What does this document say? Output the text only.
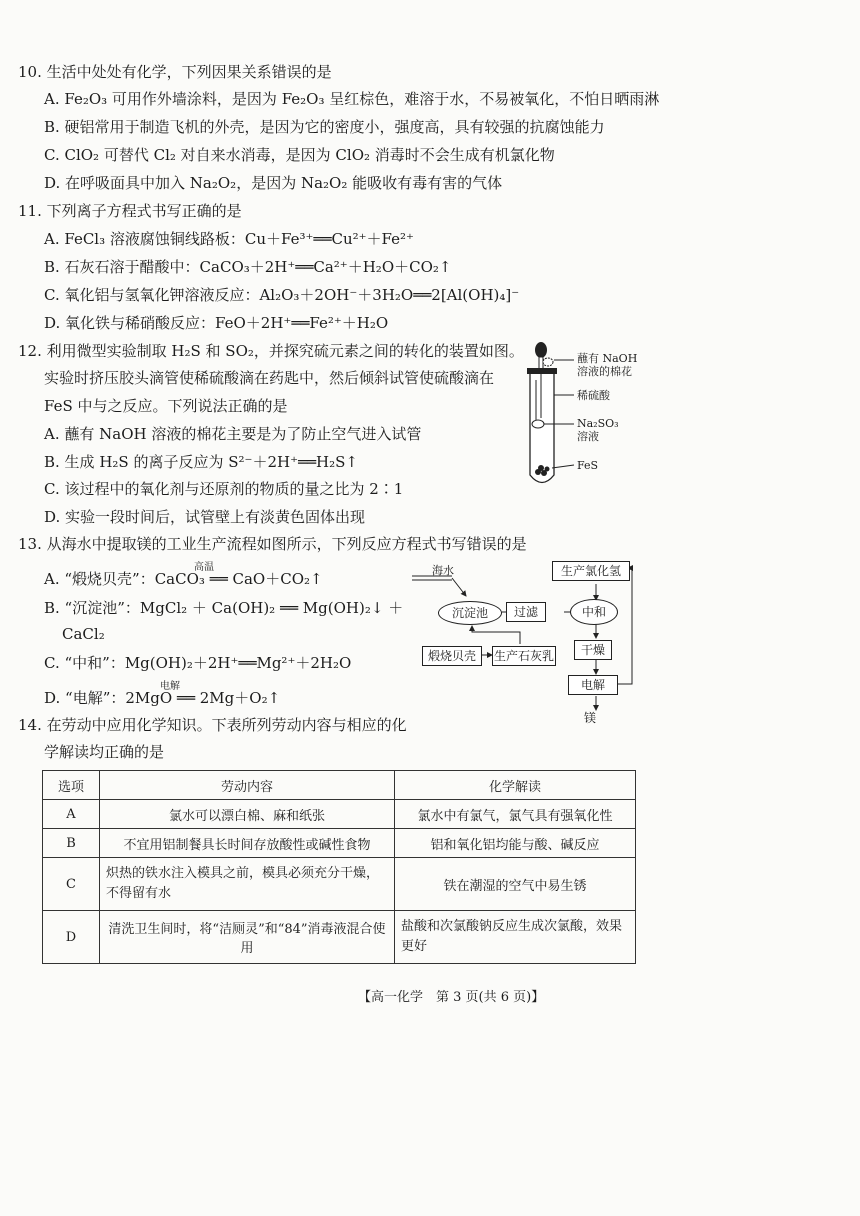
10. 生活中处处有化学，下列因果关系错误的是
A. Fe₂O₃ 可用作外墙涂料，是因为 Fe₂O₃ 呈红棕色，难溶于水，不易被氧化，不怕日晒雨淋
B. 硬铝常用于制造飞机的外壳，是因为它的密度小，强度高，具有较强的抗腐蚀能力
C. ClO₂ 可替代 Cl₂ 对自来水消毒，是因为 ClO₂ 消毒时不会生成有机氯化物
D. 在呼吸面具中加入 Na₂O₂，是因为 Na₂O₂ 能吸收有毒有害的气体
11. 下列离子方程式书写正确的是
A. FeCl₃ 溶液腐蚀铜线路板：Cu＋Fe³⁺══Cu²⁺＋Fe²⁺
B. 石灰石溶于醋酸中：CaCO₃＋2H⁺══Ca²⁺＋H₂O＋CO₂↑
C. 氧化铝与氢氧化钾溶液反应：Al₂O₃＋2OH⁻＋3H₂O══2[Al(OH)₄]⁻
D. 氧化铁与稀硝酸反应：FeO＋2H⁺══Fe²⁺＋H₂O
12. 利用微型实验制取 H₂S 和 SO₂，并探究硫元素之间的转化的装置如图。
实验时挤压胶头滴管使稀硫酸滴在药匙中，然后倾斜试管使硫酸滴在
FeS 中与之反应。下列说法正确的是
A. 蘸有 NaOH 溶液的棉花主要是为了防止空气进入试管
B. 生成 H₂S 的离子反应为 S²⁻＋2H⁺══H₂S↑
C. 该过程中的氧化剂与还原剂的物质的量之比为 2∶1
D. 实验一段时间后，试管壁上有淡黄色固体出现
蘸有 NaOH
溶液的棉花
稀硫酸
Na₂SO₃
溶液
FeS
13. 从海水中提取镁的工业生产流程如图所示，下列反应方程式书写错误的是
A. “煅烧贝壳”：CaCO₃ ══ CaO＋CO₂↑
高温
B. “沉淀池”：MgCl₂ ＋ Ca(OH)₂ ══ Mg(OH)₂↓ ＋
CaCl₂
C. “中和”：Mg(OH)₂＋2H⁺══Mg²⁺＋2H₂O
D. “电解”：2MgO ══ 2Mg＋O₂↑
电解
海水	生产氯化氢
沉淀池	过滤	中和
干燥
煅烧贝壳	生产石灰乳
电解
镁
14. 在劳动中应用化学知识。下表所列劳动内容与相应的化
学解读均正确的是
选项	劳动内容	化学解读
A	氯水可以漂白棉、麻和纸张	氯水中有氯气，氯气具有强氧化性
B	不宜用铝制餐具长时间存放酸性或碱性食物	铝和氧化铝均能与酸、碱反应
C	炽热的铁水注入模具之前，模具必须充分干燥，不得留有水	铁在潮湿的空气中易生锈
D	清洗卫生间时，将“洁厕灵”和“84”消毒液混合使用	盐酸和次氯酸钠反应生成次氯酸，效果更好
【高一化学　第 3 页(共 6 页)】
